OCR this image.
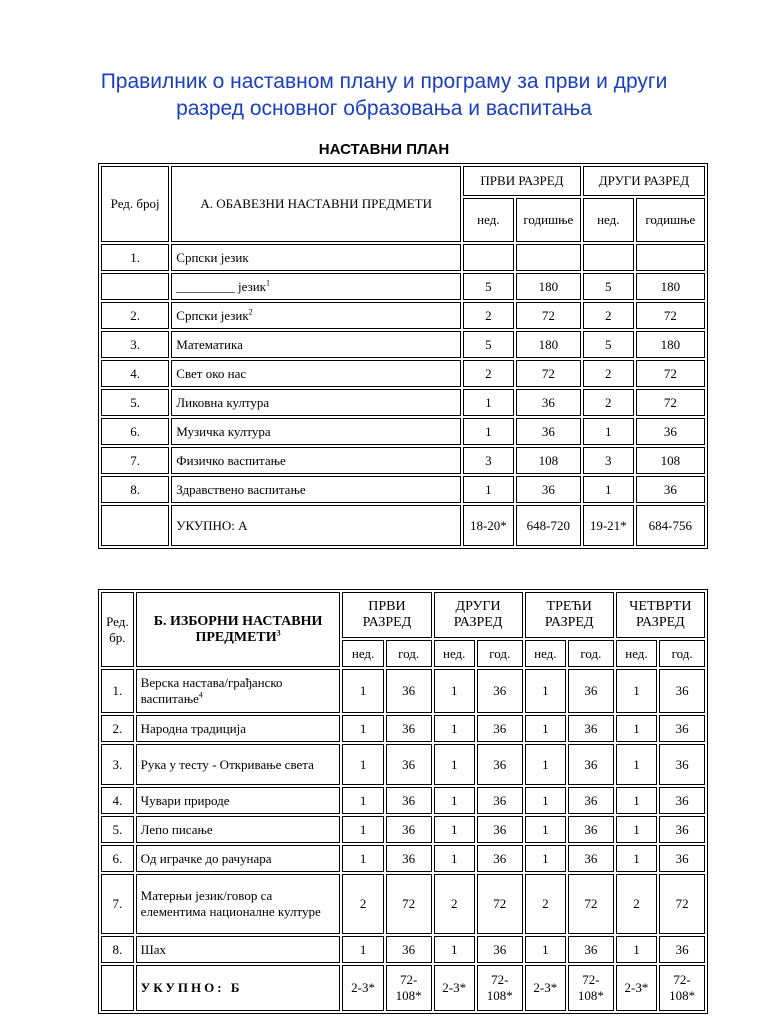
Правилник о наставном плану и програму за први и други
разред основног образовања и васпитања
НАСТАВНИ ПЛАН
Ред. број	А. ОБАВЕЗНИ НАСТАВНИ ПРЕДМЕТИ	ПРВИ РАЗРЕД		ДРУГИ РАЗРЕД	
		нед.	годишње	нед.	годишње
1.	Српски језик				
	_________ језик$^1$	5	180	5	180
2.	Српски језик$^2$	2	72	2	72
3.	Математика	5	180	5	180
4.	Свет око нас	2	72	2	72
5.	Ликовна култура	1	36	2	72
6.	Музичка култура	1	36	1	36
7.	Физичко васпитање	3	108	3	108
8.	Здравствено васпитање	1	36	1	36
	УКУПНО: А	18-20*	648-720	19-21*	684-756
Ред. бр.	Б. ИЗБОРНИ НАСТАВНИ ПРЕДМЕТИ$^3$	ПРВИ РАЗРЕД		ДРУГИ РАЗРЕД		ТРЕЋИ РАЗРЕД		ЧЕТВРТИ РАЗРЕД	
		нед.	год.	нед.	год.	нед.	год.	нед.	год.
1.	Верска настава/грађанско васпитање$^4$	1	36	1	36	1	36	1	36
2.	Народна традиција	1	36	1	36	1	36	1	36
3.	Рука у тесту - Откривање света	1	36	1	36	1	36	1	36
4.	Чувари природе	1	36	1	36	1	36	1	36
5.	Лепо писање	1	36	1	36	1	36	1	36
6.	Од играчке до рачунара	1	36	1	36	1	36	1	36
7.	Матерњи језик/говор са елементима националне културе	2	72	2	72	2	72	2	72
8.	Шах	1	36	1	36	1	36	1	36
	УКУПНО: Б	2-3*	72-108*	2-3*	72-108*	2-3*	72-108*	2-3*	72-108*
